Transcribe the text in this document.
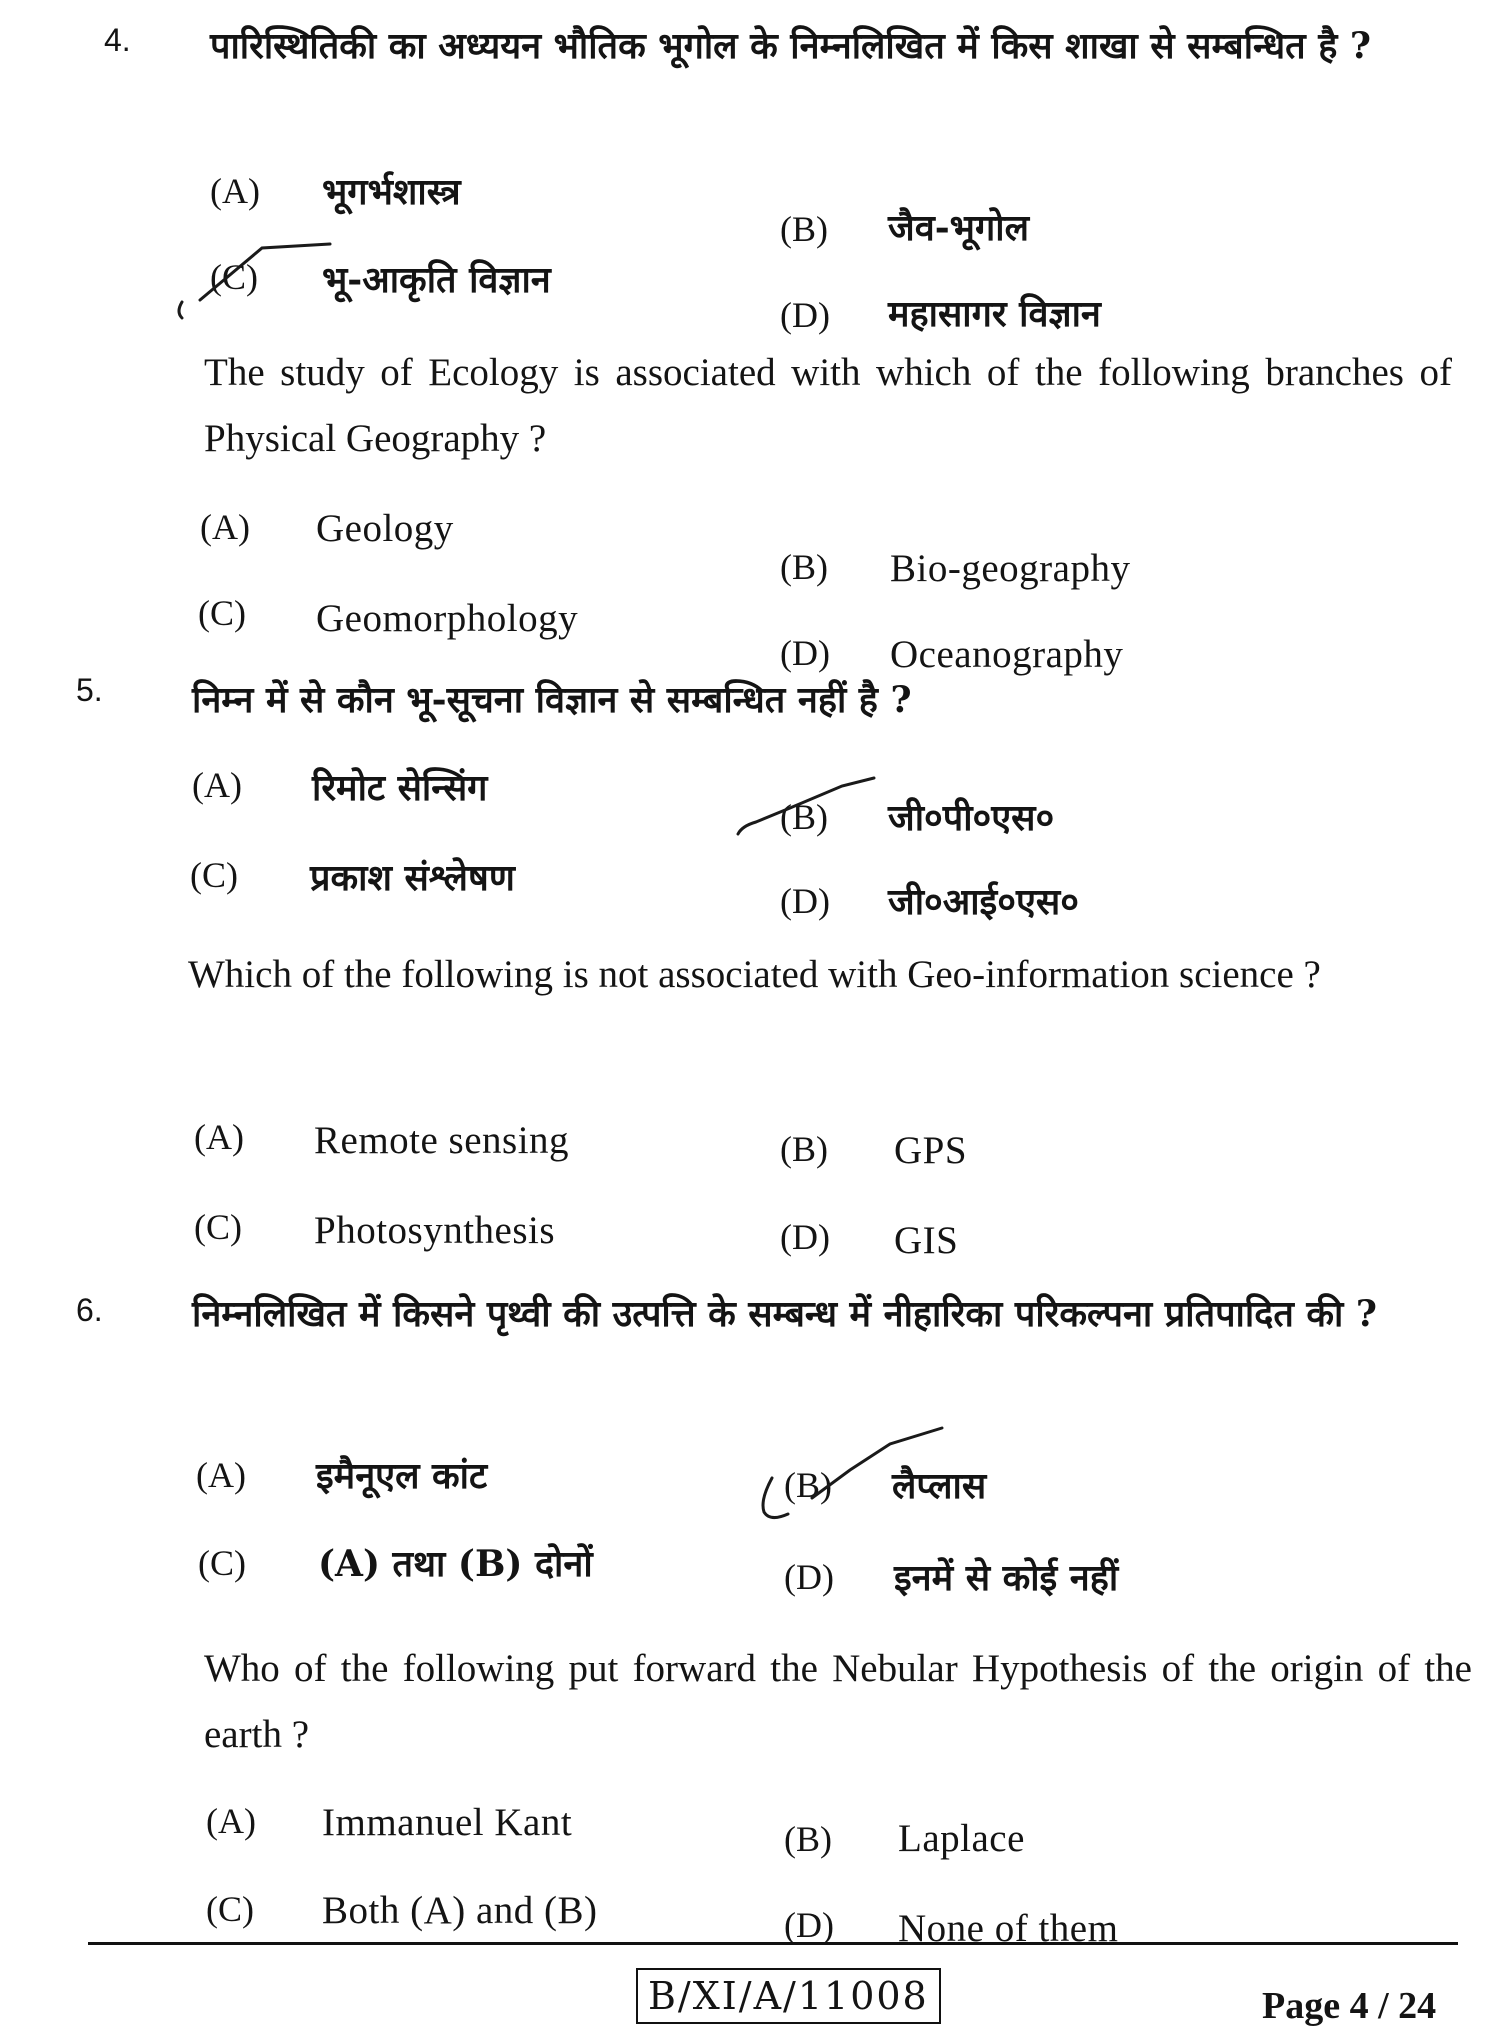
4. पारिस्थितिकी का अध्ययन भौतिक भूगोल के निम्नलिखित में किस शाखा से सम्बन्धित है ?
(A) भूगर्भशास्त्र
(B) जैव-भूगोल
(C) भू-आकृति विज्ञान
(D) महासागर विज्ञान
The study of Ecology is associated with which of the following branches of Physical Geography ?
(A) Geology
(B) Bio-geography
(C) Geomorphology
(D) Oceanography
5. निम्न में से कौन भू-सूचना विज्ञान से सम्बन्धित नहीं है ?
(A) रिमोट सेन्सिंग
(B) जी०पी०एस०
(C) प्रकाश संश्लेषण
(D) जी०आई०एस०
Which of the following is not associated with Geo-information science ?
(A) Remote sensing	(B) GPS
(C) Photosynthesis	(D) GIS
6. निम्नलिखित में किसने पृथ्वी की उत्पत्ति के सम्बन्ध में नीहारिका परिकल्पना प्रतिपादित की ?
(A) इमैनूएल कांट	(B) लैप्लास
(C) (A) तथा (B) दोनों	(D) इनमें से कोई नहीं
Who of the following put forward the Nebular Hypothesis of the origin of the earth ?
(A) Immanuel Kant	(B) Laplace
(C) Both (A) and (B)	(D) None of them
B/XI/A/11008	Page 4 / 24
